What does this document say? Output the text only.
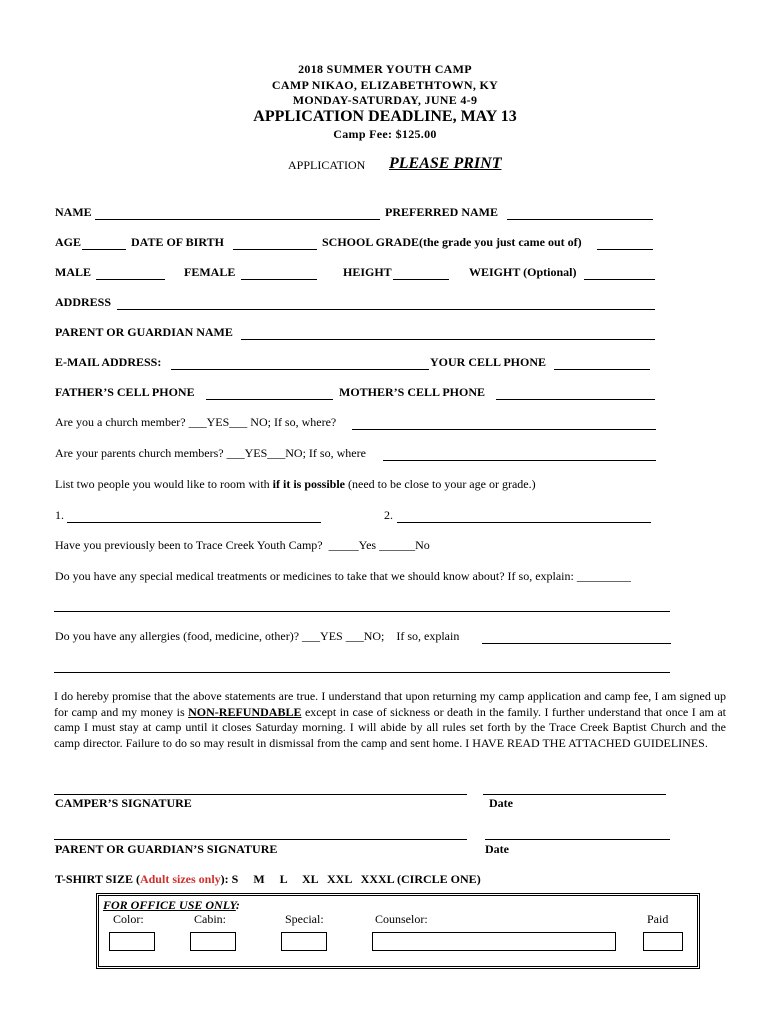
2018 SUMMER YOUTH CAMP
CAMP NIKAO, ELIZABETHTOWN, KY
MONDAY-SATURDAY, JUNE 4-9
APPLICATION DEADLINE, MAY 13
Camp Fee: $125.00
APPLICATION PLEASE PRINT
NAME	PREFERRED NAME
AGE	DATE OF BIRTH	SCHOOL GRADE(the grade you just came out of)
MALE	FEMALE	HEIGHT	WEIGHT (Optional)
ADDRESS
PARENT OR GUARDIAN NAME
E-MAIL ADDRESS:	YOUR CELL PHONE
FATHER’S CELL PHONE	MOTHER’S CELL PHONE
Are you a church member? ___YES___ NO; If so, where?
Are your parents church members? ___YES___NO; If so, where
List two people you would like to room with if it is possible (need to be close to your age or grade.)
1.	2.
Have you previously been to Trace Creek Youth Camp?  _____Yes ______No
Do you have any special medical treatments or medicines to take that we should know about? If so, explain: _________
Do you have any allergies (food, medicine, other)? ___YES ___NO;    If so, explain
I do hereby promise that the above statements are true. I understand that upon returning my camp application and camp fee, I am signed up for camp and my money is NON-REFUNDABLE except in case of sickness or death in the family. I further understand that once I am at camp I must stay at camp until it closes Saturday morning. I will abide by all rules set forth by the Trace Creek Baptist Church and the camp director. Failure to do so may result in dismissal from the camp and sent home. I HAVE READ THE ATTACHED GUIDELINES.
CAMPER’S SIGNATURE	Date
PARENT OR GUARDIAN’S SIGNATURE	Date
T-SHIRT SIZE (Adult sizes only): S     M     L     XL   XXL   XXXL (CIRCLE ONE)
FOR OFFICE USE ONLY:
Color:	Cabin:	Special:	Counselor:	Paid
